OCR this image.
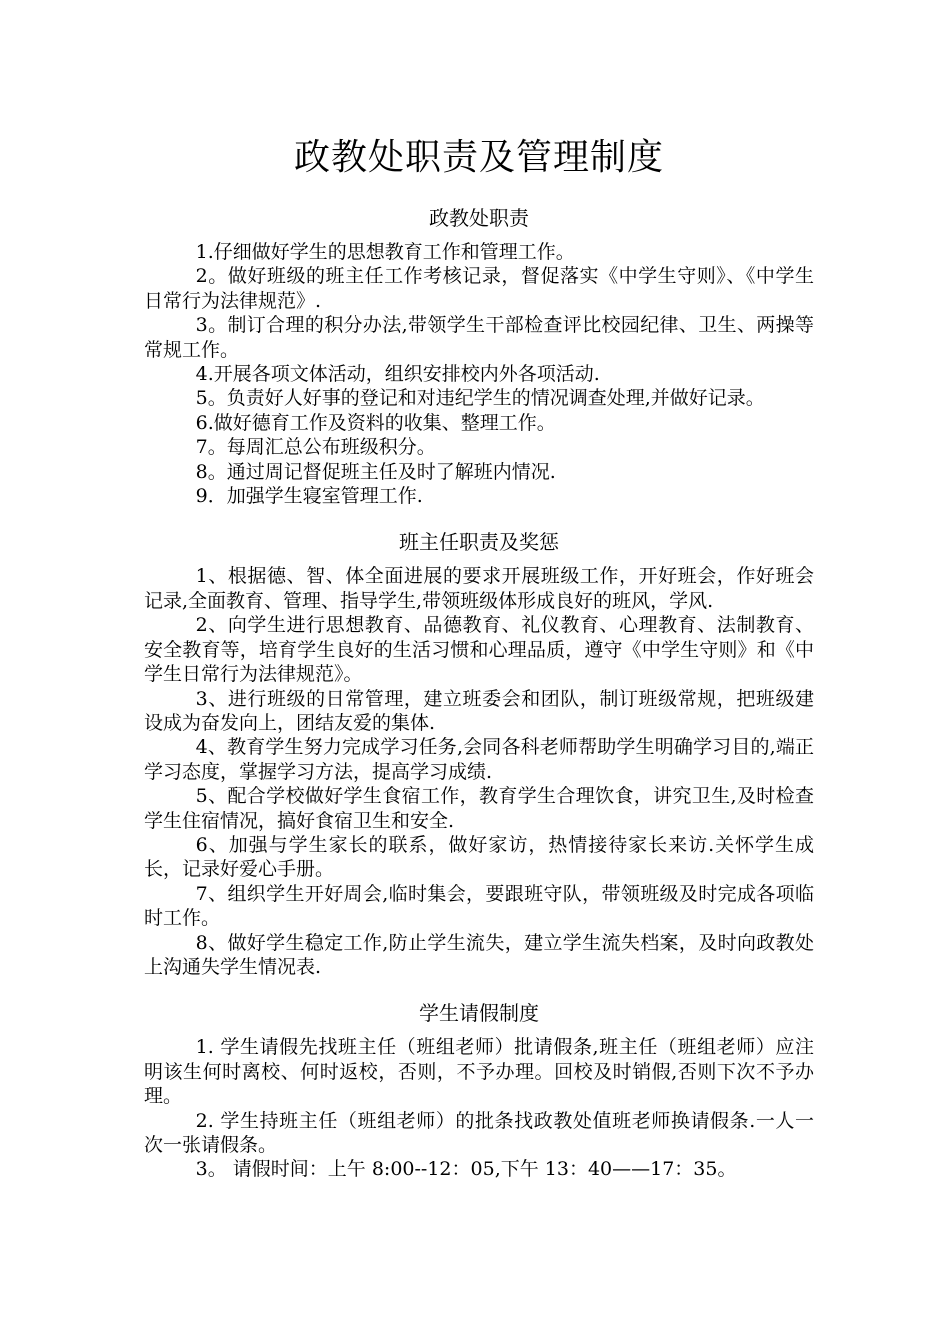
政教处职责及管理制度
政教处职责

1.仔细做好学生的思想教育工作和管理工作。

2。做好班级的班主任工作考核记录，督促落实《中学生守则》、《中学生日常行为法律规范》.

3。制订合理的积分办法,带领学生干部检查评比校园纪律、卫生、两操等常规工作。

4.开展各项文体活动，组织安排校内外各项活动.

5。负责好人好事的登记和对违纪学生的情况调查处理,并做好记录。

6.做好德育工作及资料的收集、整理工作。

7。每周汇总公布班级积分。

8。通过周记督促班主任及时了解班内情况.

9．加强学生寝室管理工作.

班主任职责及奖惩

1、根据德、智、体全面进展的要求开展班级工作，开好班会，作好班会记录,全面教育、管理、指导学生,带领班级体形成良好的班风，学风.

2、向学生进行思想教育、品德教育、礼仪教育、心理教育、法制教育、安全教育等，培育学生良好的生活习惯和心理品质，遵守《中学生守则》和《中学生日常行为法律规范》。

3、进行班级的日常管理，建立班委会和团队，制订班级常规，把班级建设成为奋发向上，团结友爱的集体.

4、教育学生努力完成学习任务,会同各科老师帮助学生明确学习目的,端正学习态度，掌握学习方法，提高学习成绩.

5、配合学校做好学生食宿工作，教育学生合理饮食，讲究卫生,及时检查学生住宿情况，搞好食宿卫生和安全.

6、加强与学生家长的联系，做好家访，热情接待家长来访.关怀学生成长，记录好爱心手册。

7、组织学生开好周会,临时集会，要跟班守队，带领班级及时完成各项临时工作。

8、做好学生稳定工作,防止学生流失，建立学生流失档案，及时向政教处上沟通失学生情况表.

学生请假制度

1. 学生请假先找班主任（班组老师）批请假条,班主任（班组老师）应注明该生何时离校、何时返校，否则，不予办理。回校及时销假,否则下次不予办理。

2. 学生持班主任（班组老师）的批条找政教处值班老师换请假条.一人一次一张请假条。

3。 请假时间：上午 8:00--12：05,下午 13：40——17：35。
